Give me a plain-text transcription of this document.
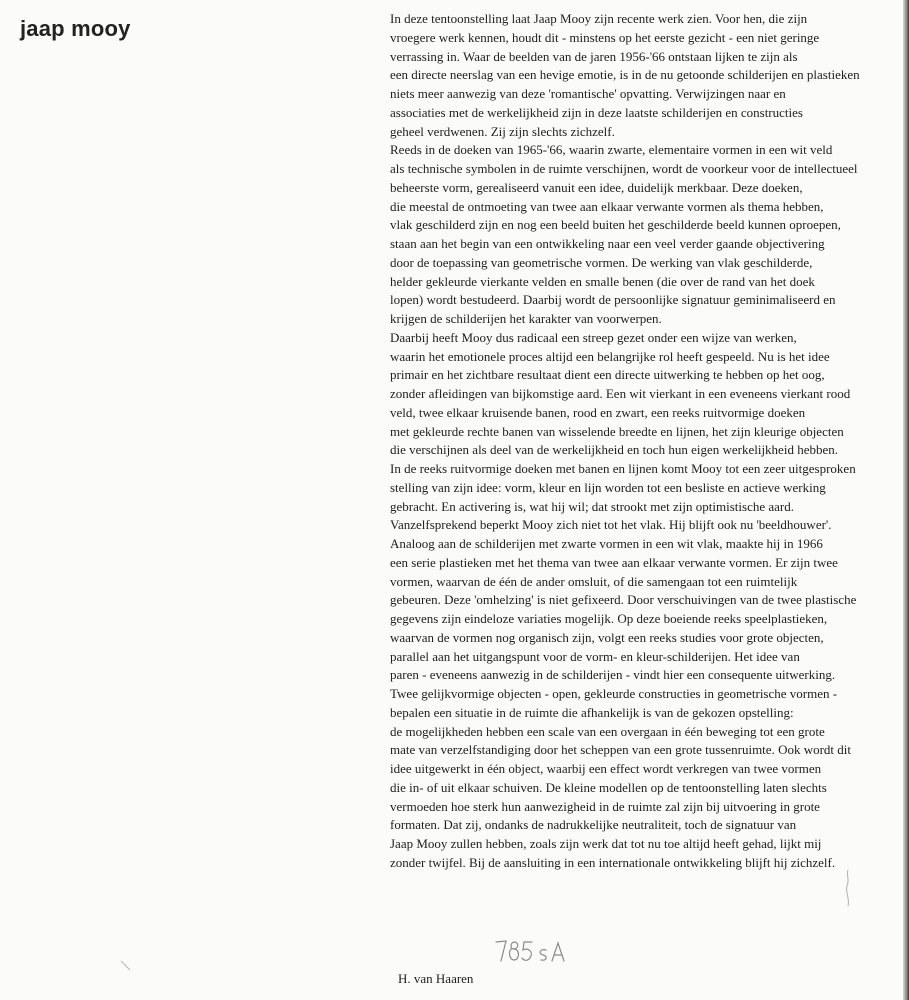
jaap mooy	In deze tentoonstelling laat Jaap Mooy zijn recente werk zien. Voor hen, die zijn
vroegere werk kennen, houdt dit - minstens op het eerste gezicht - een niet geringe
verrassing in. Waar de beelden van de jaren 1956-'66 ontstaan lijken te zijn als
een directe neerslag van een hevige emotie, is in de nu getoonde schilderijen en plastieken
niets meer aanwezig van deze 'romantische' opvatting. Verwijzingen naar en
associaties met de werkelijkheid zijn in deze laatste schilderijen en constructies
geheel verdwenen. Zij zijn slechts zichzelf.
Reeds in de doeken van 1965-'66, waarin zwarte, elementaire vormen in een wit veld
als technische symbolen in de ruimte verschijnen, wordt de voorkeur voor de intellectueel
beheerste vorm, gerealiseerd vanuit een idee, duidelijk merkbaar. Deze doeken,
die meestal de ontmoeting van twee aan elkaar verwante vormen als thema hebben,
vlak geschilderd zijn en nog een beeld buiten het geschilderde beeld kunnen oproepen,
staan aan het begin van een ontwikkeling naar een veel verder gaande objectivering
door de toepassing van geometrische vormen. De werking van vlak geschilderde,
helder gekleurde vierkante velden en smalle benen (die over de rand van het doek
lopen) wordt bestudeerd. Daarbij wordt de persoonlijke signatuur geminimaliseerd en
krijgen de schilderijen het karakter van voorwerpen.
Daarbij heeft Mooy dus radicaal een streep gezet onder een wijze van werken,
waarin het emotionele proces altijd een belangrijke rol heeft gespeeld. Nu is het idee
primair en het zichtbare resultaat dient een directe uitwerking te hebben op het oog,
zonder afleidingen van bijkomstige aard. Een wit vierkant in een eveneens vierkant rood
veld, twee elkaar kruisende banen, rood en zwart, een reeks ruitvormige doeken
met gekleurde rechte banen van wisselende breedte en lijnen, het zijn kleurige objecten
die verschijnen als deel van de werkelijkheid en toch hun eigen werkelijkheid hebben.
In de reeks ruitvormige doeken met banen en lijnen komt Mooy tot een zeer uitgesproken
stelling van zijn idee: vorm, kleur en lijn worden tot een besliste en actieve werking
gebracht. En activering is, wat hij wil; dat strookt met zijn optimistische aard.
Vanzelfsprekend beperkt Mooy zich niet tot het vlak. Hij blijft ook nu 'beeldhouwer'.
Analoog aan de schilderijen met zwarte vormen in een wit vlak, maakte hij in 1966
een serie plastieken met het thema van twee aan elkaar verwante vormen. Er zijn twee
vormen, waarvan de één de ander omsluit, of die samengaan tot een ruimtelijk
gebeuren. Deze 'omhelzing' is niet gefixeerd. Door verschuivingen van de twee plastische
gegevens zijn eindeloze variaties mogelijk. Op deze boeiende reeks speelplastieken,
waarvan de vormen nog organisch zijn, volgt een reeks studies voor grote objecten,
parallel aan het uitgangspunt voor de vorm- en kleur-schilderijen. Het idee van
paren - eveneens aanwezig in de schilderijen - vindt hier een consequente uitwerking.
Twee gelijkvormige objecten - open, gekleurde constructies in geometrische vormen -
bepalen een situatie in de ruimte die afhankelijk is van de gekozen opstelling:
de mogelijkheden hebben een scale van een overgaan in één beweging tot een grote
mate van verzelfstandiging door het scheppen van een grote tussenruimte. Ook wordt dit
idee uitgewerkt in één object, waarbij een effect wordt verkregen van twee vormen
die in- of uit elkaar schuiven. De kleine modellen op de tentoonstelling laten slechts
vermoeden hoe sterk hun aanwezigheid in de ruimte zal zijn bij uitvoering in grote
formaten. Dat zij, ondanks de nadrukkelijke neutraliteit, toch de signatuur van
Jaap Mooy zullen hebben, zoals zijn werk dat tot nu toe altijd heeft gehad, lijkt mij
zonder twijfel. Bij de aansluiting in een internationale ontwikkeling blijft hij zichzelf.
H. van Haaren
